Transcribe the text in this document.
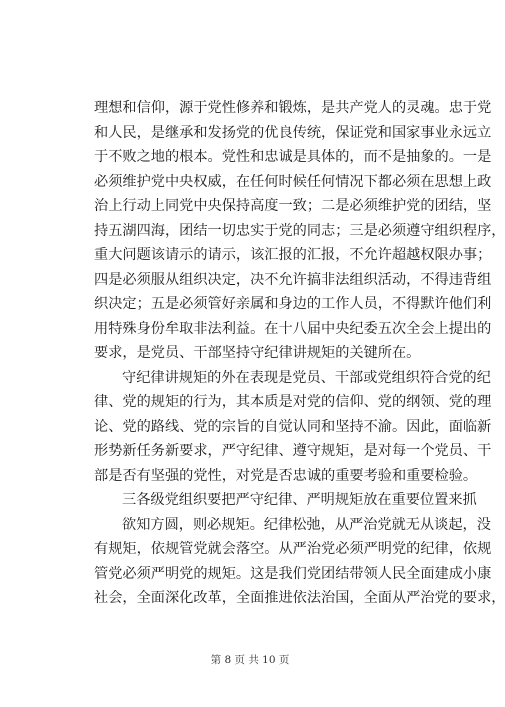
理想和信仰，源于党性修养和锻炼，是共产党人的灵魂。忠于党
和人民，是继承和发扬党的优良传统，保证党和国家事业永远立
于不败之地的根本。党性和忠诚是具体的，而不是抽象的。一是
必须维护党中央权威，在任何时候任何情况下都必须在思想上政
治上行动上同党中央保持高度一致；二是必须维护党的团结，坚
持五湖四海，团结一切忠实于党的同志；三是必须遵守组织程序，
重大问题该请示的请示，该汇报的汇报，不允许超越权限办事；
四是必须服从组织决定，决不允许搞非法组织活动，不得违背组
织决定；五是必须管好亲属和身边的工作人员，不得默许他们利
用特殊身份牟取非法利益。在十八届中央纪委五次全会上提出的
要求，是党员、干部坚持守纪律讲规矩的关键所在。
守纪律讲规矩的外在表现是党员、干部或党组织符合党的纪
律、党的规矩的行为，其本质是对党的信仰、党的纲领、党的理
论、党的路线、党的宗旨的自觉认同和坚持不渝。因此，面临新
形势新任务新要求，严守纪律、遵守规矩，是对每一个党员、干
部是否有坚强的党性，对党是否忠诚的重要考验和重要检验。
三各级党组织要把严守纪律、严明规矩放在重要位置来抓
欲知方圆，则必规矩。纪律松弛，从严治党就无从谈起，没
有规矩，依规管党就会落空。从严治党必须严明党的纪律，依规
管党必须严明党的规矩。这是我们党团结带领人民全面建成小康
社会，全面深化改革，全面推进依法治国，全面从严治党的要求，
第 8 页 共 10 页
